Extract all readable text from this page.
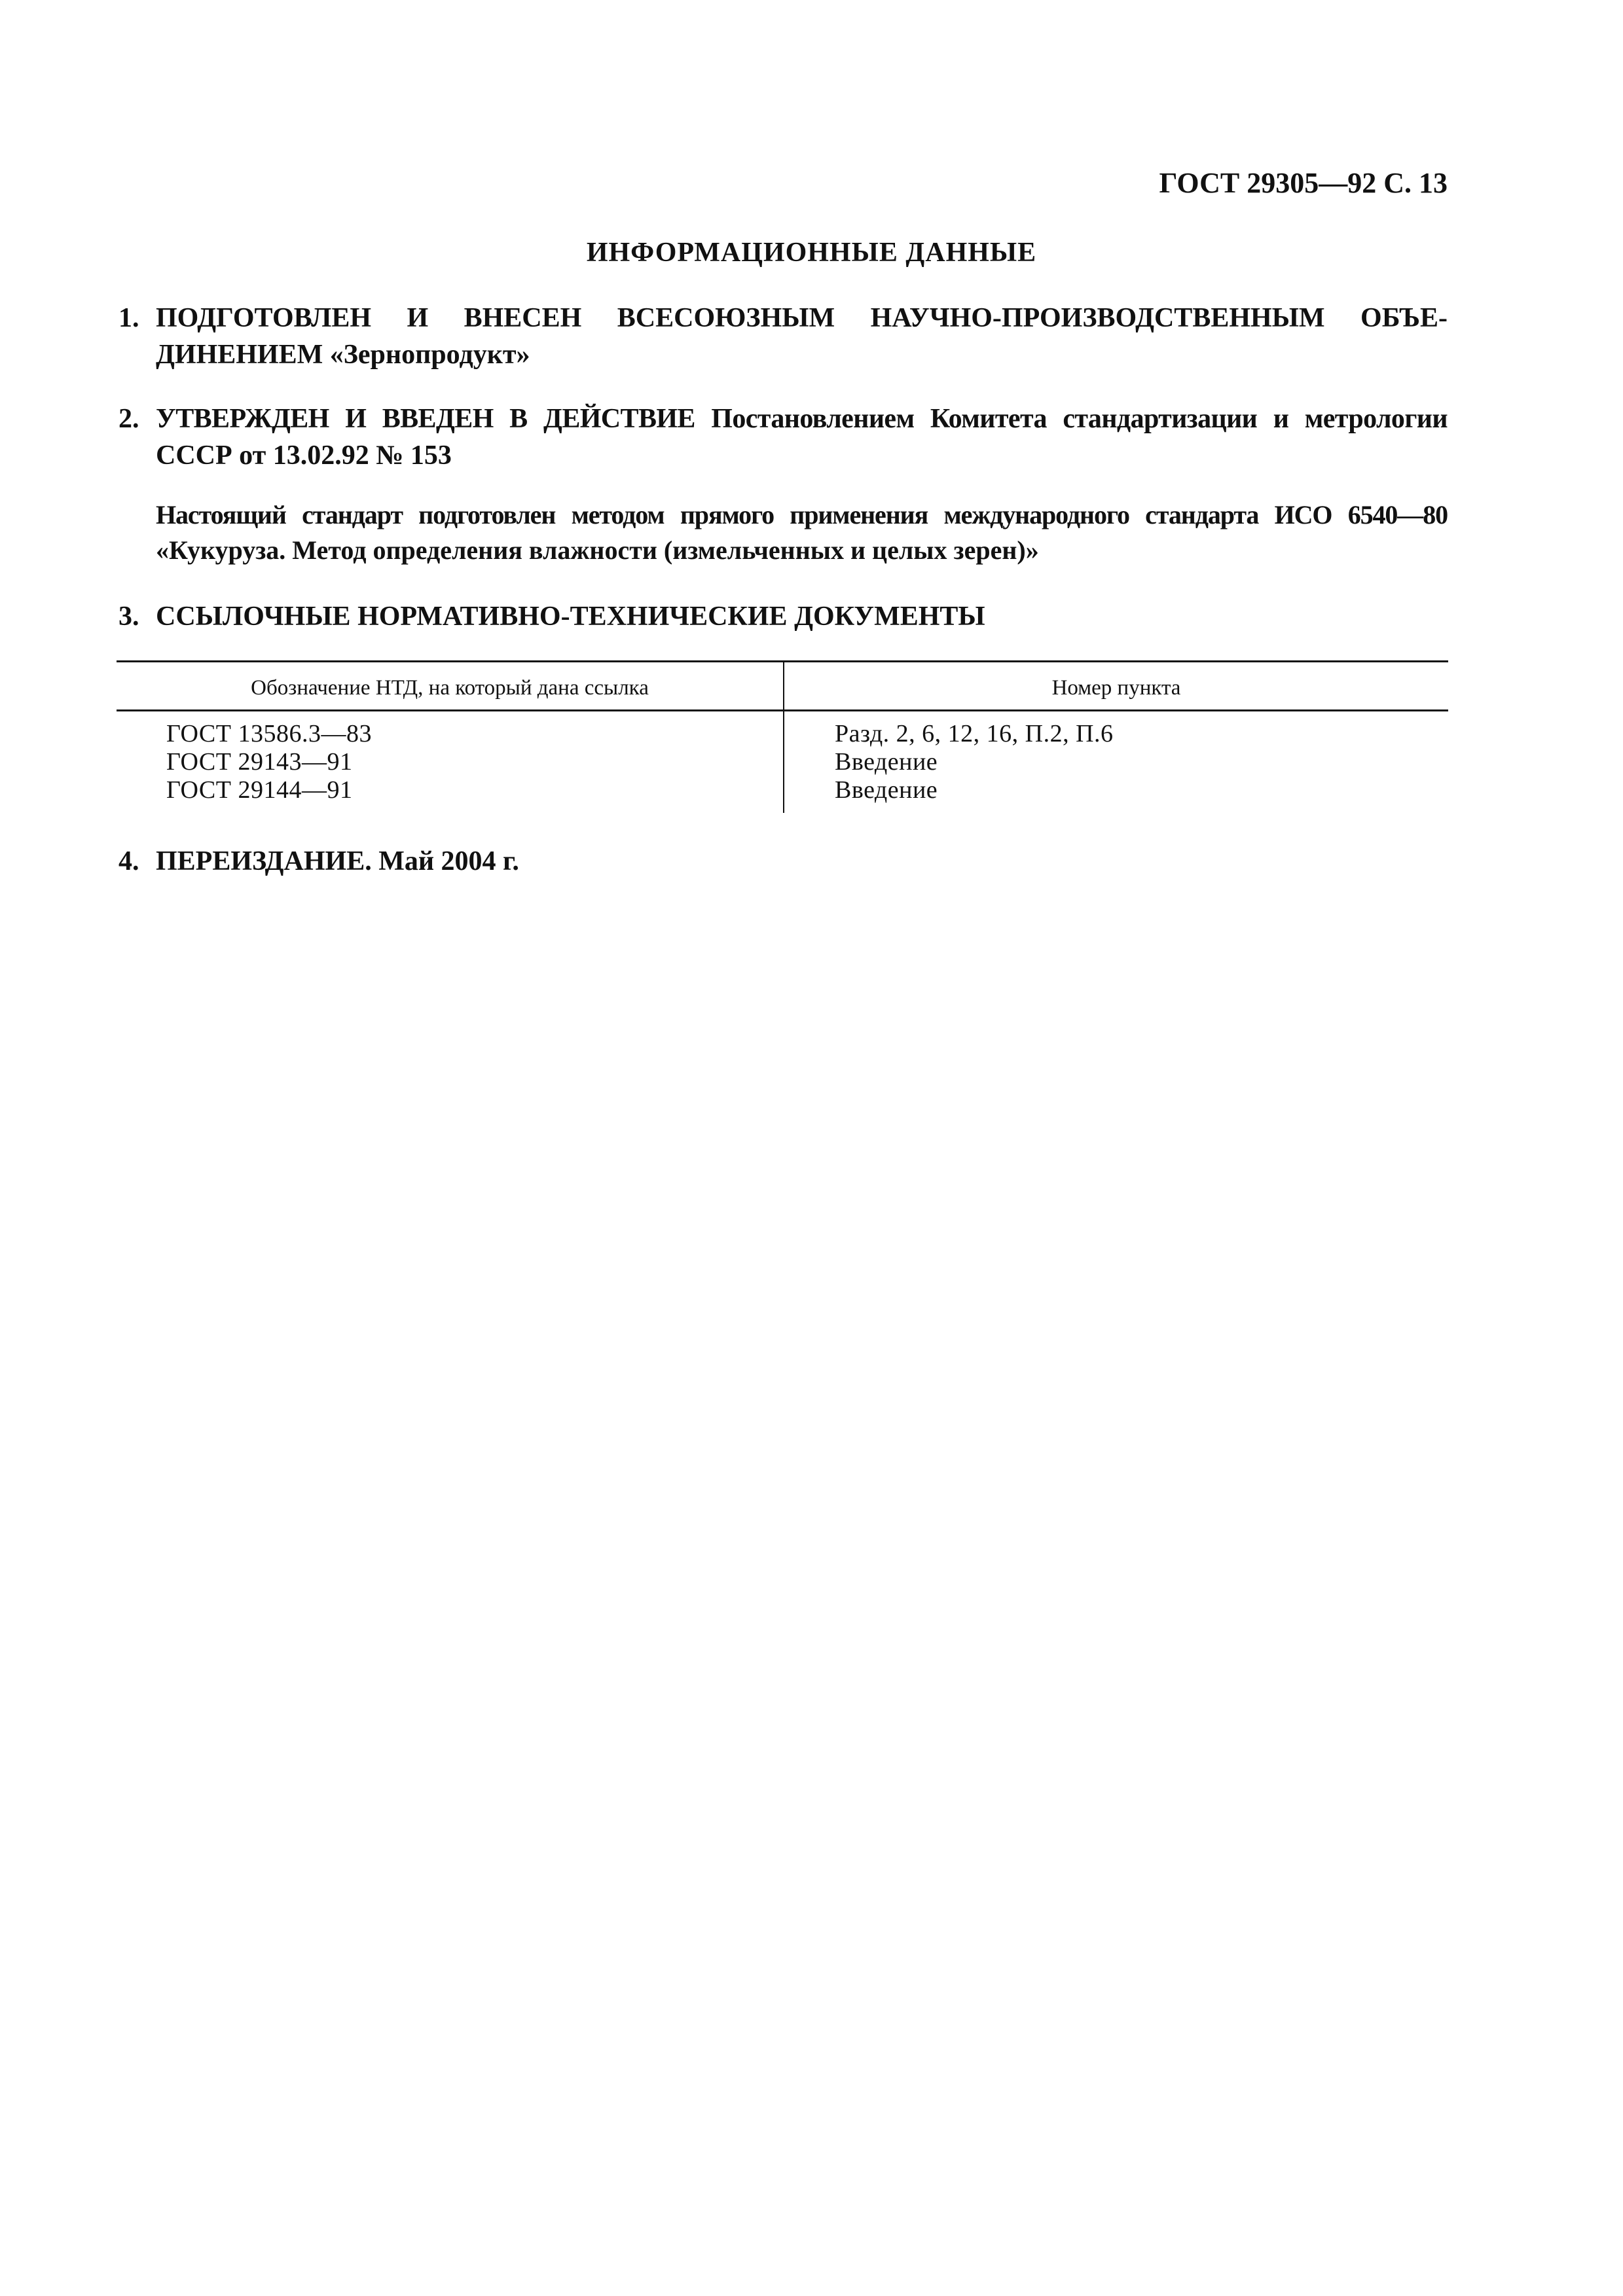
ГОСТ 29305—92 С. 13
ИНФОРМАЦИОННЫЕ ДАННЫЕ
1. ПОДГОТОВЛЕН И ВНЕСЕН ВСЕСОЮЗНЫМ НАУЧНО-ПРОИЗВОДСТВЕННЫМ ОБЪЕ-
ДИНЕНИЕМ «Зернопродукт»
2. УТВЕРЖДЕН И ВВЕДЕН В ДЕЙСТВИЕ Постановлением Комитета стандартизации и метрологии
СССР от 13.02.92 № 153
Настоящий стандарт подготовлен методом прямого применения международного стандарта ИСО 6540—80
«Кукуруза. Метод определения влажности (измельченных и целых зерен)»
3. ССЫЛОЧНЫЕ НОРМАТИВНО-ТЕХНИЧЕСКИЕ ДОКУМЕНТЫ
Обозначение НТД, на который дана ссылка	Номер пункта
ГОСТ 13586.3—83	Разд. 2, 6, 12, 16, П.2, П.6
ГОСТ 29143—91	Введение
ГОСТ 29144—91	Введение
4. ПЕРЕИЗДАНИЕ. Май 2004 г.
